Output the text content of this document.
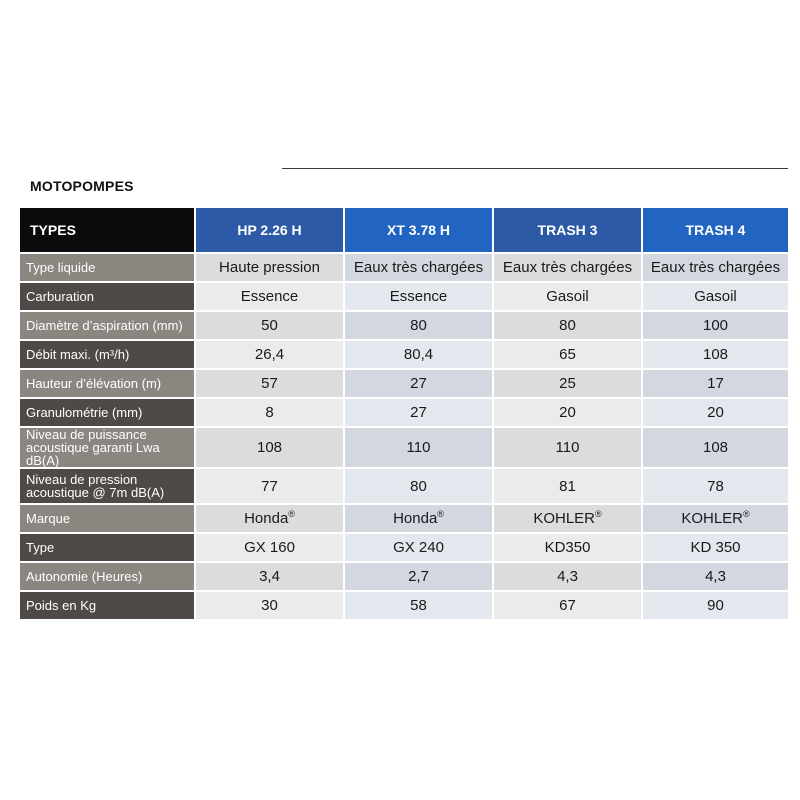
MOTOPOMPES
TYPES	HP 2.26 H	XT 3.78 H	TRASH 3	TRASH 4
Type liquide	Haute pression	Eaux très chargées	Eaux très chargées	Eaux très chargées
Carburation	Essence	Essence	Gasoil	Gasoil
Diamètre d’aspiration (mm)	50	80	80	100
Débit maxi. (m³/h)	26,4	80,4	65	108
Hauteur d’élévation (m)	57	27	25	17
Granulométrie (mm)	8	27	20	20
Niveau de puissance
acoustique garanti Lwa dB(A)	108	110	110	108
Niveau de pression
acoustique @ 7m dB(A)	77	80	81	78
Marque	Honda®	Honda®	KOHLER®	KOHLER®
Type	GX 160	GX 240	KD350	KD 350
Autonomie (Heures)	3,4	2,7	4,3	4,3
Poids en Kg	30	58	67	90
